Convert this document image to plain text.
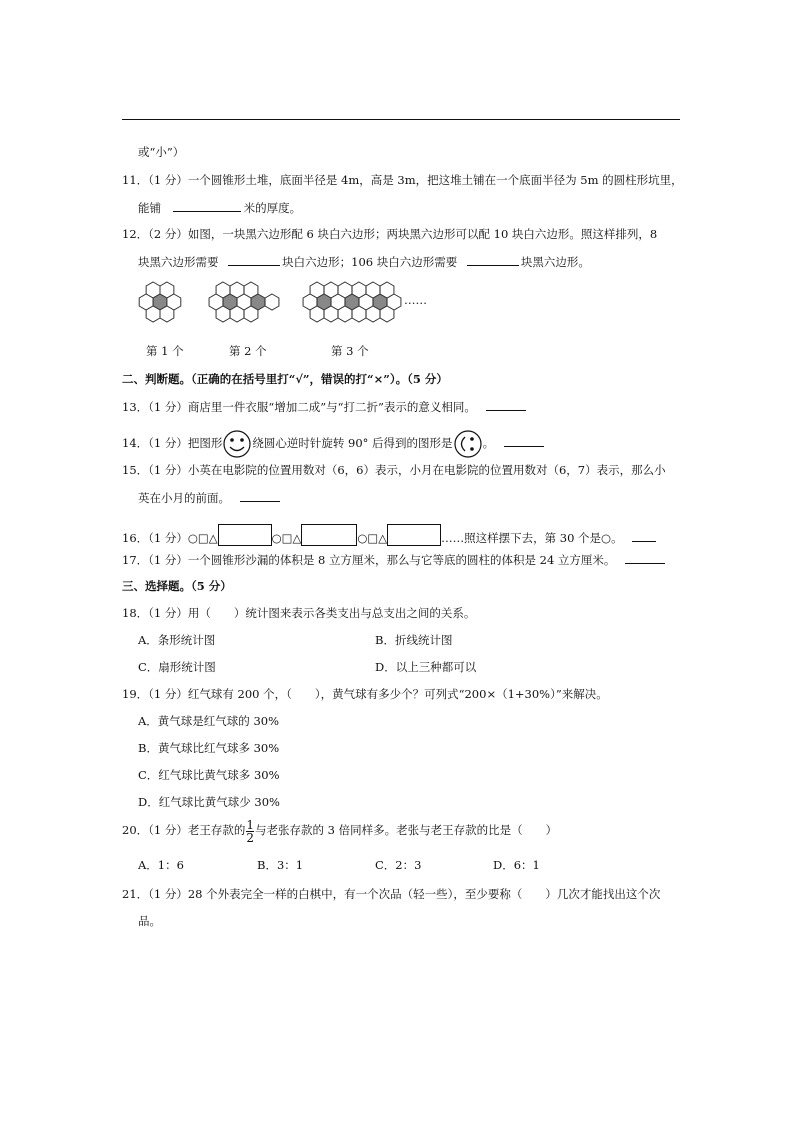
或“小”）
11．（1 分）一个圆锥形土堆，底面半径是 4m，高是 3m，把这堆土铺在一个底面半径为 5m 的圆柱形坑里，
能铺	米的厚度。
12．（2 分）如图，一块黑六边形配 6 块白六边形；两块黑六边形可以配 10 块白六边形。照这样排列，8
块黑六边形需要	块白六边形；106 块白六边形需要	块黑六边形。
……
第 1 个	第 2 个	第 3 个
二、判断题。（正确的在括号里打“√”，错误的打“×”）。（5 分）
13．（1 分）商店里一件衣服“增加二成”与“打二折”表示的意义相同。
14．（1 分）把图形	绕圆心逆时针旋转 90° 后得到的图形是	。
15．（1 分）小英在电影院的位置用数对（6，6）表示，小月在电影院的位置用数对（6，7）表示，那么小
英在小月的前面。
16．（1 分）○□△	○□△	○□△	……照这样摆下去，第 30 个是○。
17．（1 分）一个圆锥形沙漏的体积是 8 立方厘米，那么与它等底的圆柱的体积是 24 立方厘米。
三、选择题。（5 分）
18．（1 分）用（　　）统计图来表示各类支出与总支出之间的关系。
A．条形统计图	B．折线统计图
C．扇形统计图	D．以上三种都可以
19．（1 分）红气球有 200 个，（　　），黄气球有多少个？可列式“200×（1+30%）”来解决。
A．黄气球是红气球的 30%
B．黄气球比红气球多 30%
C．红气球比黄气球多 30%
D．红气球比黄气球少 30%
20．（1 分）老王存款的 $\frac{1}{2}$ 与老张存款的 3 倍同样多。老张与老王存款的比是（　　）
A．1：6	B．3：1	C．2：3	D．6：1
21．（1 分）28 个外表完全一样的白棋中，有一个次品（轻一些），至少要称（　　）几次才能找出这个次
品。
